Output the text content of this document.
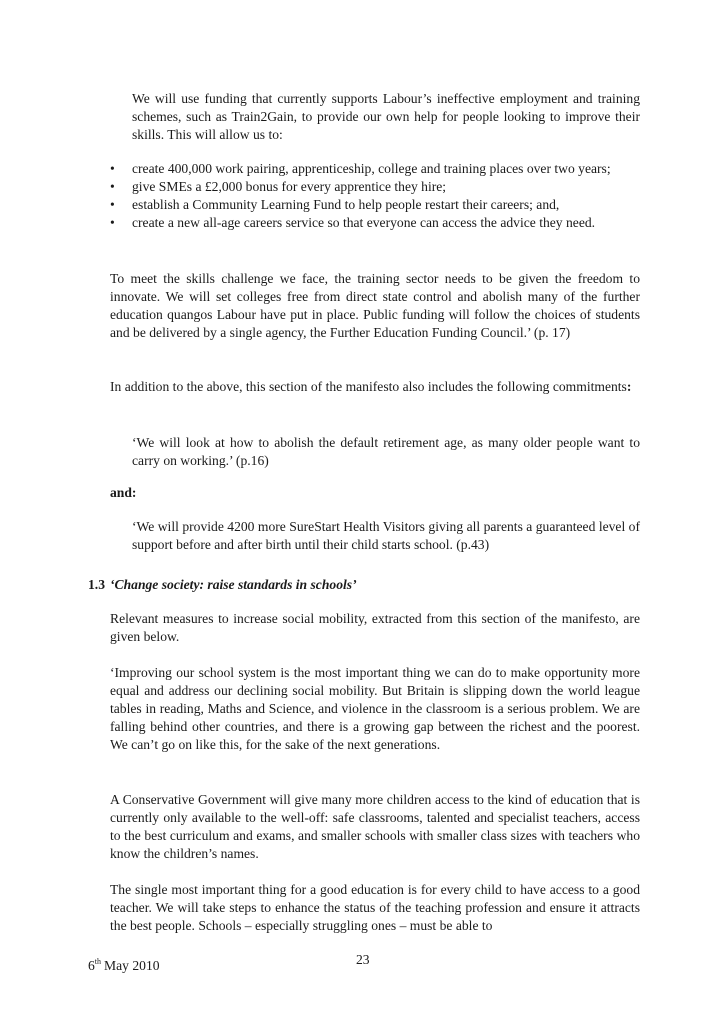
We will use funding that currently supports Labour’s ineffective employment and training schemes, such as Train2Gain, to provide our own help for people looking to improve their skills. This will allow us to:

•	create 400,000 work pairing, apprenticeship, college and training places over two years;
•	give SMEs a £2,000 bonus for every apprentice they hire;
•	establish a Community Learning Fund to help people restart their careers; and,
•	create a new all-age careers service so that everyone can access the advice they need.

To meet the skills challenge we face, the training sector needs to be given the freedom to innovate. We will set colleges free from direct state control and abolish many of the further education quangos Labour have put in place. Public funding will follow the choices of students and be delivered by a single agency, the Further Education Funding Council.’ (p. 17)

In addition to the above, this section of the manifesto also includes the following commitments:

‘We will look at how to abolish the default retirement age, as many older people want to carry on working.’ (p.16)

and:

‘We will provide 4200 more SureStart Health Visitors giving all parents a guaranteed level of support before and after birth until their child starts school. (p.43)

1.3 ‘Change society: raise standards in schools’

Relevant measures to increase social mobility, extracted from this section of the manifesto, are given below.

‘Improving our school system is the most important thing we can do to make opportunity more equal and address our declining social mobility. But Britain is slipping down the world league tables in reading, Maths and Science, and violence in the classroom is a serious problem. We are falling behind other countries, and there is a growing gap between the richest and the poorest. We can’t go on like this, for the sake of the next generations.

A Conservative Government will give many more children access to the kind of education that is currently only available to the well-off: safe classrooms, talented and specialist teachers, access to the best curriculum and exams, and smaller schools with smaller class sizes with teachers who know the children’s names.

The single most important thing for a good education is for every child to have access to a good teacher. We will take steps to enhance the status of the teaching profession and ensure it attracts the best people. Schools – especially struggling ones – must be able to

6th May 2010	23
